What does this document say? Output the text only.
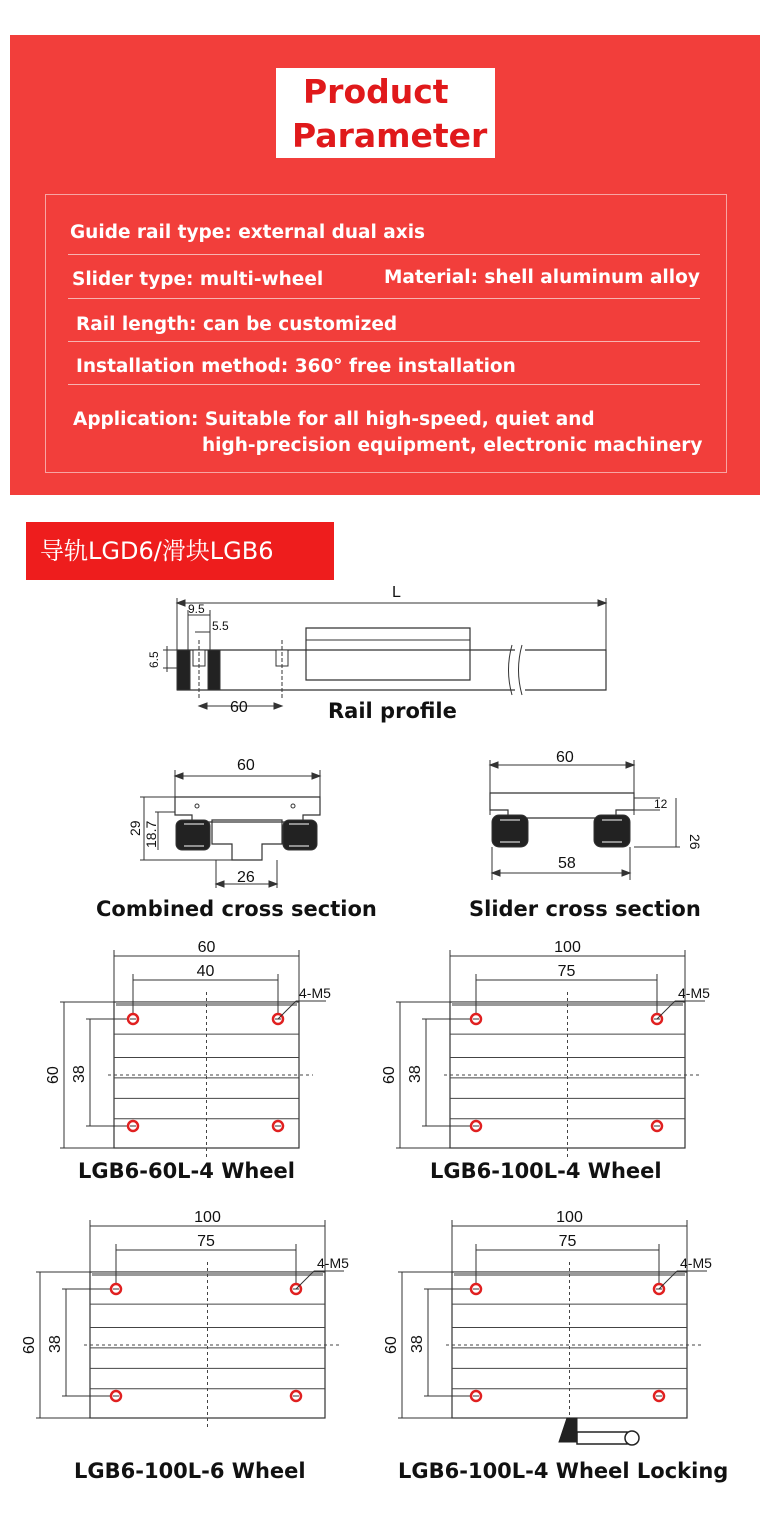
Product
Parameter
Guide rail type: external dual axis
Slider type: multi-wheel	Material: shell aluminum alloy
Rail length: can be customized
Installation method: 360° free installation
Application: Suitable for all high-speed, quiet and
high-precision equipment, electronic machinery
导轨LGD6/滑块LGB6
L
9.5
5.5
6.5
60	Rail profile
60
29 18.7
26
Combined cross section
60
12
26
58
Slider cross section
60
40
60 38
4-M5
LGB6-60L-4 Wheel
100
75
60 38
4-M5
LGB6-100L-4 Wheel
100
75
60 38
4-M5
LGB6-100L-6 Wheel
100
75
60 38
4-M5
LGB6-100L-4 Wheel Locking
